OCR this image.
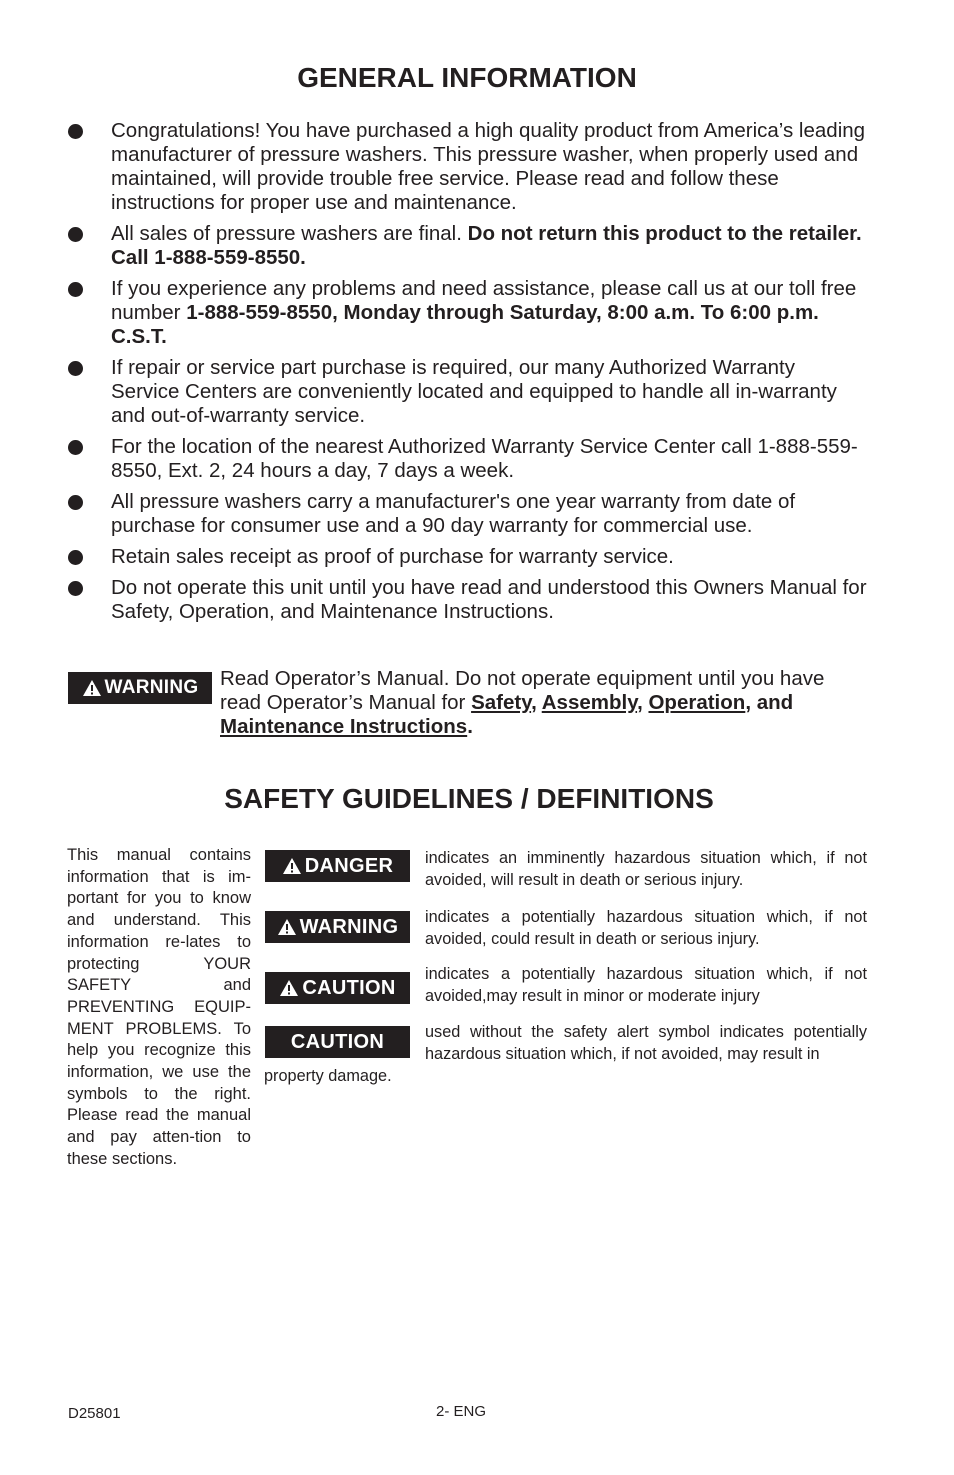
GENERAL INFORMATION
Congratulations! You have purchased a high quality product from America’s leading manufacturer of pressure washers. This pressure washer, when properly used and maintained, will provide trouble free service. Please read and follow these instructions for proper use and maintenance.
All sales of pressure washers are final. Do not return this product to the retailer. Call 1-888-559-8550.
If you experience any problems and need assistance, please call us at our toll free number 1-888-559-8550, Monday through Saturday, 8:00 a.m. To 6:00 p.m. C.S.T.
If repair or service part purchase is required, our many Authorized Warranty Service Centers are conveniently located and equipped to handle all in-warranty and out-of-warranty service.
For the location of the nearest Authorized Warranty Service Center call 1-888-559-8550, Ext. 2, 24 hours a day, 7 days a week.
All pressure washers carry a manufacturer's one year warranty from date of purchase for consumer use and a 90 day warranty for commercial use.
Retain sales receipt as proof of purchase for warranty service.
Do not operate this unit until you have read and understood this Owners Manual for Safety, Operation, and Maintenance Instructions.
WARNING Read Operator’s Manual. Do not operate equipment until you have read Operator’s Manual for Safety, Assembly, Operation, and Maintenance Instructions.
SAFETY GUIDELINES / DEFINITIONS
This manual contains information that is im-portant for you to know and understand. This information re-lates to protecting YOUR SAFETY and PREVENTING EQUIP-MENT PROBLEMS. To help you recognize this information, we use the symbols to the right. Please read the manual and pay atten-tion to these sections.
DANGER indicates an imminently hazardous situation which, if not avoided, will result in death or serious injury.
WARNING indicates a potentially hazardous situation which, if not avoided, could result in death or serious injury.
CAUTION
indicates a potentially hazardous situation which, if not avoided,may result in minor or moderate injury
CAUTION	used without the safety alert symbol indicates potentially hazardous situation which, if not avoided, may result in
property damage.
D25801	2- ENG
